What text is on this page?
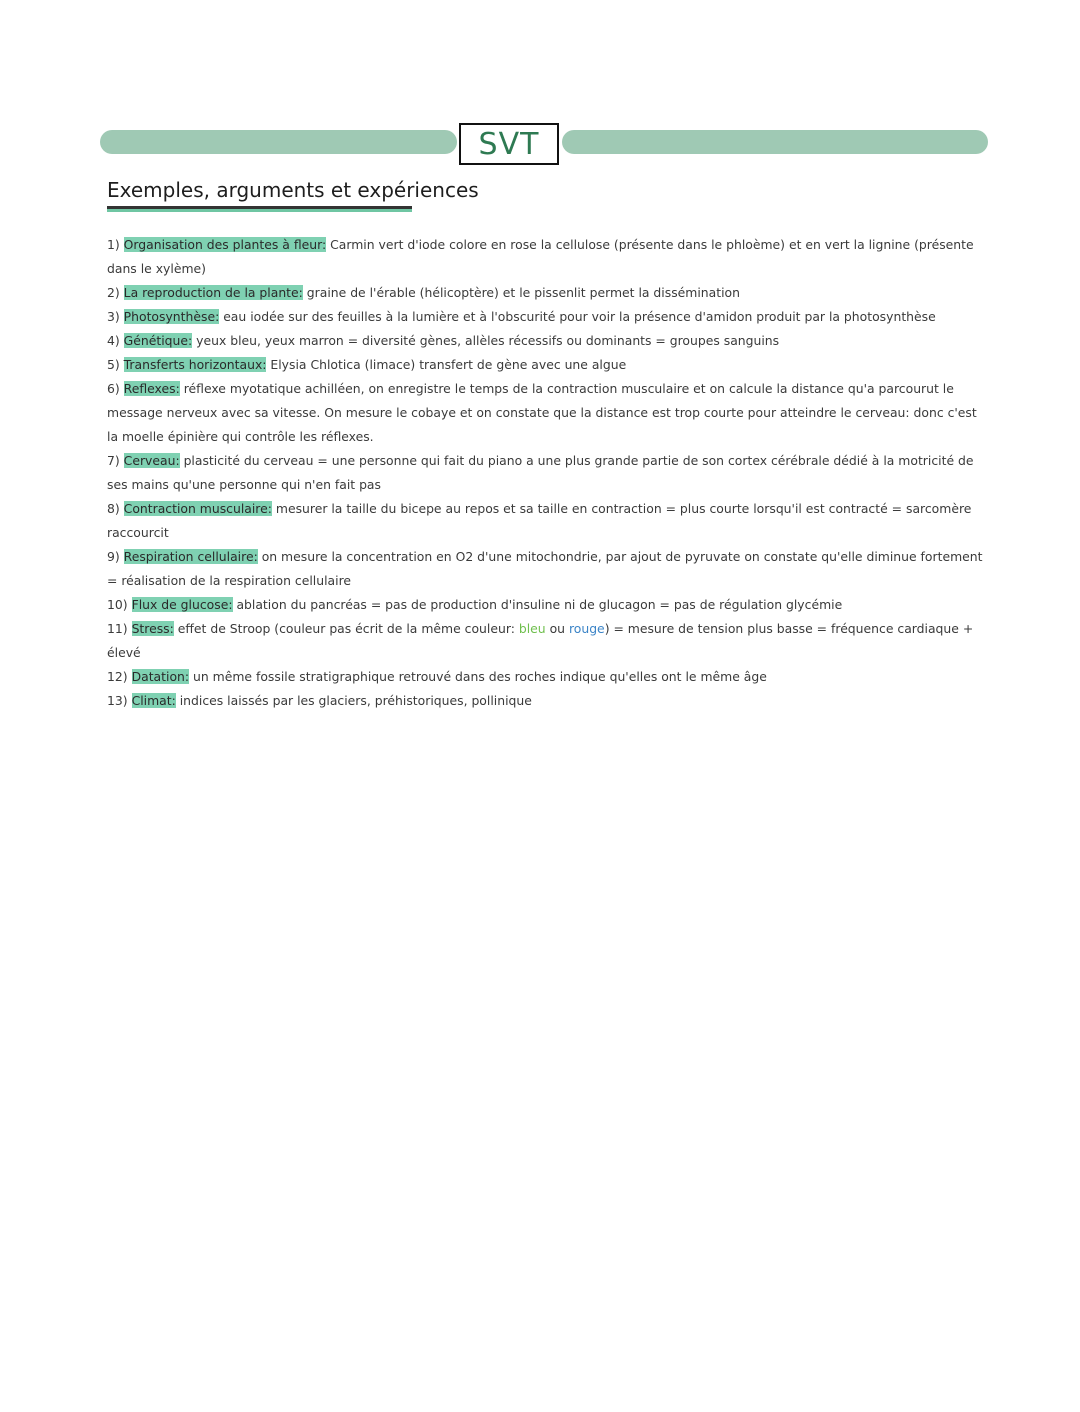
SVT
Exemples, arguments et expériences

1) Organisation des plantes à fleur: Carmin vert d'iode colore en rose la cellulose (présente dans le phloème) et en vert la lignine (présente dans le xylème)

2) La reproduction de la plante: graine de l'érable (hélicoptère) et le pissenlit permet la dissémination

3) Photosynthèse: eau iodée sur des feuilles à la lumière et à l'obscurité pour voir la présence d'amidon produit par la photosynthèse

4) Génétique: yeux bleu, yeux marron = diversité gènes, allèles récessifs ou dominants = groupes sanguins

5) Transferts horizontaux: Elysia Chlotica (limace) transfert de gène avec une algue

6) Reflexes: réflexe myotatique achilléen, on enregistre le temps de la contraction musculaire et on calcule la distance qu'a parcourut le message nerveux avec sa vitesse. On mesure le cobaye et on constate que la distance est trop courte pour atteindre le cerveau: donc c'est la moelle épinière qui contrôle les réflexes.

7) Cerveau: plasticité du cerveau = une personne qui fait du piano a une plus grande partie de son cortex cérébrale dédié à la motricité de ses mains qu'une personne qui n'en fait pas

8) Contraction musculaire: mesurer la taille du bicepe au repos et sa taille en contraction = plus courte lorsqu'il est contracté = sarcomère raccourcit

9) Respiration cellulaire: on mesure la concentration en O2 d'une mitochondrie, par ajout de pyruvate on constate qu'elle diminue fortement = réalisation de la respiration cellulaire

10) Flux de glucose: ablation du pancréas = pas de production d'insuline ni de glucagon = pas de régulation glycémie

11) Stress: effet de Stroop (couleur pas écrit de la même couleur: bleu ou rouge) = mesure de tension plus basse = fréquence cardiaque + élevé

12) Datation: un même fossile stratigraphique retrouvé dans des roches indique qu'elles ont le même âge

13) Climat: indices laissés par les glaciers, préhistoriques, pollinique
